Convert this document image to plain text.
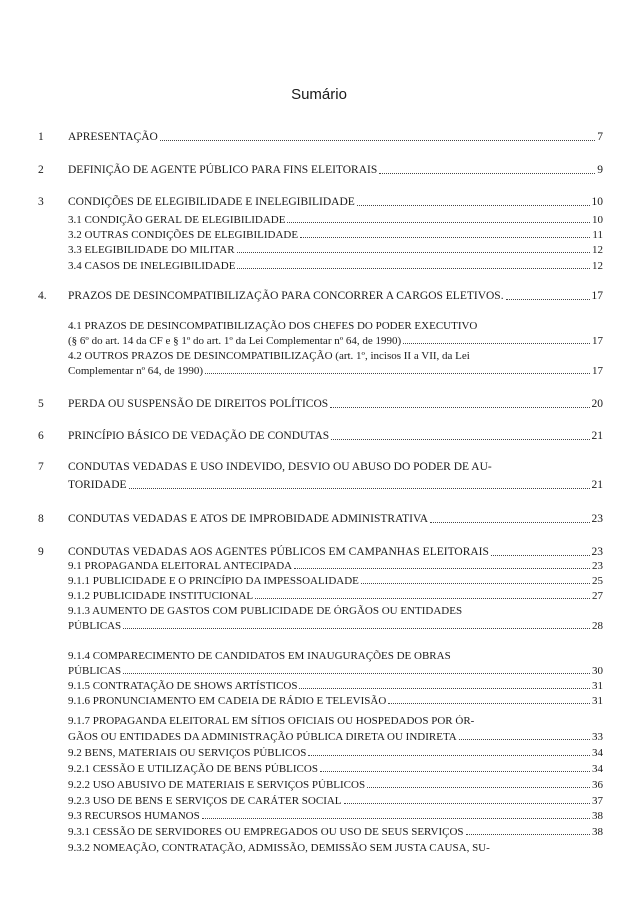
Sumário
1 APRESENTAÇÃO	7
2 DEFINIÇÃO DE AGENTE PÚBLICO PARA FINS ELEITORAIS	9
3 CONDIÇÕES DE ELEGIBILIDADE E INELEGIBILIDADE	10
3.1 CONDIÇÃO GERAL DE ELEGIBILIDADE	10
3.2 OUTRAS CONDIÇÕES DE ELEGIBILIDADE	11
3.3 ELEGIBILIDADE DO MILITAR	12
3.4 CASOS DE INELEGIBILIDADE	12
4. PRAZOS DE DESINCOMPATIBILIZAÇÃO PARA CONCORRER A CARGOS ELETIVOS.	17
4.1 PRAZOS DE DESINCOMPATIBILIZAÇÃO DOS CHEFES DO PODER EXECUTIVO
(§ 6º do art. 14 da CF e § 1º do art. 1º da Lei Complementar nº 64, de 1990)	17
4.2 OUTROS PRAZOS DE DESINCOMPATIBILIZAÇÃO (art. 1º, incisos II a VII, da Lei
Complementar nº 64, de 1990)	17
5 PERDA OU SUSPENSÃO DE DIREITOS POLÍTICOS	20
6 PRINCÍPIO BÁSICO DE VEDAÇÃO DE CONDUTAS	21
7 CONDUTAS VEDADAS E USO INDEVIDO, DESVIO OU ABUSO DO PODER DE AU-
TORIDADE	21
8 CONDUTAS VEDADAS E ATOS DE IMPROBIDADE ADMINISTRATIVA	23
9 CONDUTAS VEDADAS AOS AGENTES PÚBLICOS EM CAMPANHAS ELEITORAIS	23
9.1 PROPAGANDA ELEITORAL ANTECIPADA	23
9.1.1 PUBLICIDADE E O PRINCÍPIO DA IMPESSOALIDADE	25
9.1.2 PUBLICIDADE INSTITUCIONAL	27
9.1.3 AUMENTO DE GASTOS COM PUBLICIDADE DE ÓRGÃOS OU ENTIDADES
PÚBLICAS	28
9.1.4 COMPARECIMENTO DE CANDIDATOS EM INAUGURAÇÕES DE OBRAS
PÚBLICAS	30
9.1.5 CONTRATAÇÃO DE SHOWS ARTÍSTICOS	31
9.1.6 PRONUNCIAMENTO EM CADEIA DE RÁDIO E TELEVISÃO	31
9.1.7 PROPAGANDA ELEITORAL EM SÍTIOS OFICIAIS OU HOSPEDADOS POR ÓR-
GÃOS OU ENTIDADES DA ADMINISTRAÇÃO PÚBLICA DIRETA OU INDIRETA	33
9.2 BENS, MATERIAIS OU SERVIÇOS PÚBLICOS	34
9.2.1 CESSÃO E UTILIZAÇÃO DE BENS PÚBLICOS	34
9.2.2 USO ABUSIVO DE MATERIAIS E SERVIÇOS PÚBLICOS	36
9.2.3 USO DE BENS E SERVIÇOS DE CARÁTER SOCIAL	37
9.3 RECURSOS HUMANOS	38
9.3.1 CESSÃO DE SERVIDORES OU EMPREGADOS OU USO DE SEUS SERVIÇOS	38
9.3.2 NOMEAÇÃO, CONTRATAÇÃO, ADMISSÃO, DEMISSÃO SEM JUSTA CAUSA, SU-
